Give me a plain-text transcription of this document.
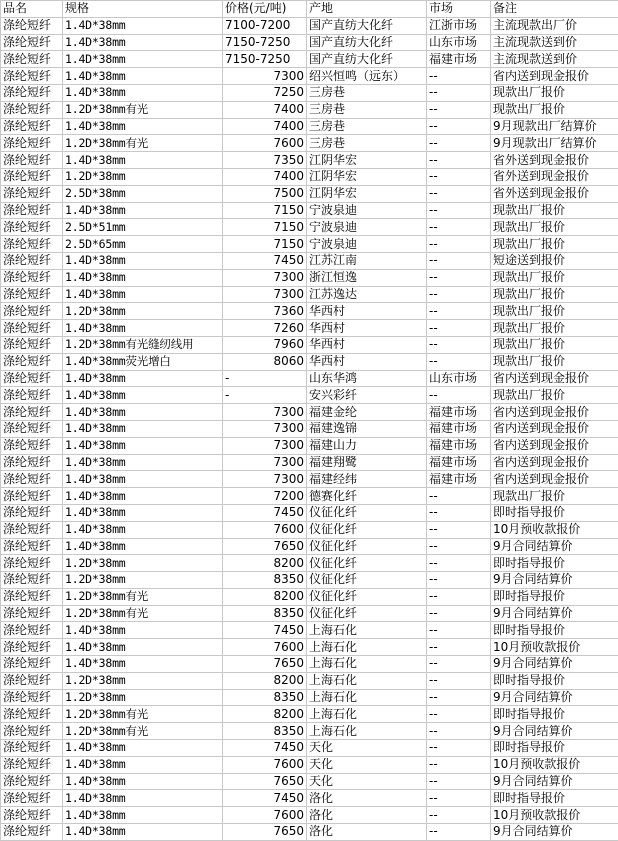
品名	规格	价格(元/吨)	产地	市场	备注
涤纶短纤	1.4D*38mm	7100-7200	国产直纺大化纤	江浙市场	主流现款出厂价
涤纶短纤	1.4D*38mm	7150-7250	国产直纺大化纤	山东市场	主流现款送到价
涤纶短纤	1.4D*38mm	7150-7250	国产直纺大化纤	福建市场	主流现款送到价
涤纶短纤	1.4D*38mm	7300	绍兴恒鸣（远东）	--	省内送到现金报价
涤纶短纤	1.4D*38mm	7250	三房巷	--	现款出厂报价
涤纶短纤	1.2D*38mm有光	7400	三房巷	--	现款出厂报价
涤纶短纤	1.4D*38mm	7400	三房巷	--	9月现款出厂结算价
涤纶短纤	1.2D*38mm有光	7600	三房巷	--	9月现款出厂结算价
涤纶短纤	1.4D*38mm	7350	江阴华宏	--	省外送到现金报价
涤纶短纤	1.2D*38mm	7400	江阴华宏	--	省外送到现金报价
涤纶短纤	2.5D*38mm	7500	江阴华宏	--	省外送到现金报价
涤纶短纤	1.4D*38mm	7150	宁波泉迪	--	现款出厂报价
涤纶短纤	2.5D*51mm	7150	宁波泉迪	--	现款出厂报价
涤纶短纤	2.5D*65mm	7150	宁波泉迪	--	现款出厂报价
涤纶短纤	1.4D*38mm	7450	江苏江南	--	短途送到报价
涤纶短纤	1.4D*38mm	7300	浙江恒逸	--	现款出厂报价
涤纶短纤	1.4D*38mm	7300	江苏逸达	--	现款出厂报价
涤纶短纤	1.2D*38mm	7360	华西村	--	现款出厂报价
涤纶短纤	1.4D*38mm	7260	华西村	--	现款出厂报价
涤纶短纤	1.2D*38mm有光缝纫线用	7960	华西村	--	现款出厂报价
涤纶短纤	1.4D*38mm荧光增白	8060	华西村	--	现款出厂报价
涤纶短纤	1.4D*38mm	-	山东华鸿	山东市场	省内送到现金报价
涤纶短纤	1.4D*38mm	-	安兴彩纤	--	现款出厂报价
涤纶短纤	1.4D*38mm	7300	福建金纶	福建市场	省内送到现金报价
涤纶短纤	1.4D*38mm	7300	福建逸锦	福建市场	省内送到现金报价
涤纶短纤	1.4D*38mm	7300	福建山力	福建市场	省内送到现金报价
涤纶短纤	1.4D*38mm	7300	福建翔鹭	福建市场	省内送到现金报价
涤纶短纤	1.4D*38mm	7300	福建经纬	福建市场	省内送到现金报价
涤纶短纤	1.4D*38mm	7200	德赛化纤	--	现款出厂报价
涤纶短纤	1.4D*38mm	7450	仪征化纤	--	即时指导报价
涤纶短纤	1.4D*38mm	7600	仪征化纤	--	10月预收款报价
涤纶短纤	1.4D*38mm	7650	仪征化纤	--	9月合同结算价
涤纶短纤	1.2D*38mm	8200	仪征化纤	--	即时指导报价
涤纶短纤	1.2D*38mm	8350	仪征化纤	--	9月合同结算价
涤纶短纤	1.2D*38mm有光	8200	仪征化纤	--	即时指导报价
涤纶短纤	1.2D*38mm有光	8350	仪征化纤	--	9月合同结算价
涤纶短纤	1.4D*38mm	7450	上海石化	--	即时指导报价
涤纶短纤	1.4D*38mm	7600	上海石化	--	10月预收款报价
涤纶短纤	1.4D*38mm	7650	上海石化	--	9月合同结算价
涤纶短纤	1.2D*38mm	8200	上海石化	--	即时指导报价
涤纶短纤	1.2D*38mm	8350	上海石化	--	9月合同结算价
涤纶短纤	1.2D*38mm有光	8200	上海石化	--	即时指导报价
涤纶短纤	1.2D*38mm有光	8350	上海石化	--	9月合同结算价
涤纶短纤	1.4D*38mm	7450	天化	--	即时指导报价
涤纶短纤	1.4D*38mm	7600	天化	--	10月预收款报价
涤纶短纤	1.4D*38mm	7650	天化	--	9月合同结算价
涤纶短纤	1.4D*38mm	7450	洛化	--	即时指导报价
涤纶短纤	1.4D*38mm	7600	洛化	--	10月预收款报价
涤纶短纤	1.4D*38mm	7650	洛化	--	9月合同结算价
